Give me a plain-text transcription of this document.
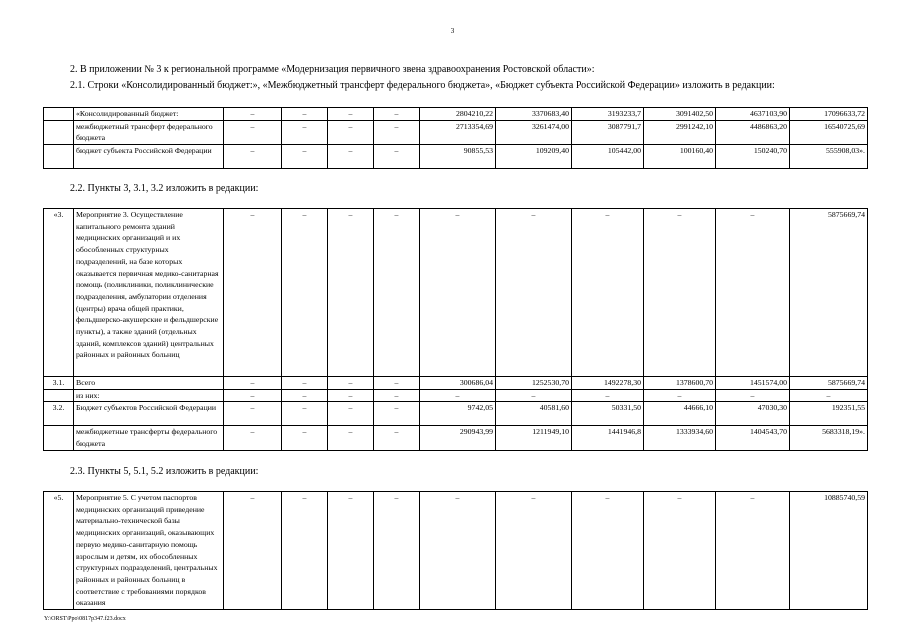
3
2. В приложении № 3 к региональной программе «Модернизация первичного звена здравоохранения Ростовской области»:
2.1. Строки «Консолидированный бюджет:», «Межбюджетный трансферт федерального бюджета», «Бюджет субъекта Российской Федерации» изложить в редакции:
	«Консолидированный бюджет:	–	–	–	–	2804210,22	3370683,40	3193233,7	3091402,50	4637103,90	17096633,72
	межбюджетный трансферт федерального бюджета	–	–	–	–	2713354,69	3261474,00	3087791,7	2991242,10	4486863,20	16540725,69
	бюджет субъекта Российской Федерации	–	–	–	–	90855,53	109209,40	105442,00	100160,40	150240,70	555908,03».
2.2. Пункты 3, 3.1, 3.2 изложить в редакции:
«3.	Мероприятие 3. Осуществление капитального ремонта зданий медицинских организаций и их обособленных структурных подразделений, на базе которых оказывается первичная медико-санитарная помощь (поликлиники, поликлинические подразделения, амбулатории отделения (центры) врача общей практики, фельдшерско-акушерские и фельдшерские пункты), а также зданий (отдельных зданий, комплексов зданий) центральных районных и районных больниц	–	–	–	–	–	–	–	–	–	5875669,74
3.1.	Всего	–	–	–	–	300686,04	1252530,70	1492278,30	1378600,70	1451574,00	5875669,74
	из них:	–	–	–	–	–	–	–	–	–	–
3.2.	Бюджет субъектов Российской Федерации	–	–	–	–	9742,05	40581,60	50331,50	44666,10	47030,30	192351,55
	межбюджетные трансферты федерального бюджета	–	–	–	–	290943,99	1211949,10	1441946,8	1333934,60	1404543,70	5683318,19».
2.3. Пункты 5, 5.1, 5.2 изложить в редакции:
«5.	Мероприятие 5. С учетом паспортов медицинских организаций приведение материально-технической базы медицинских организаций, оказывающих первую медико-санитарную помощь взрослым и детям, их обособленных структурных подразделений, центральных районных и районных больниц в соответствие с требованиями порядков оказания	–	–	–	–	–	–	–	–	–	10885740,59
Y:\ORST\Ppo\0817p347.f23.docx
